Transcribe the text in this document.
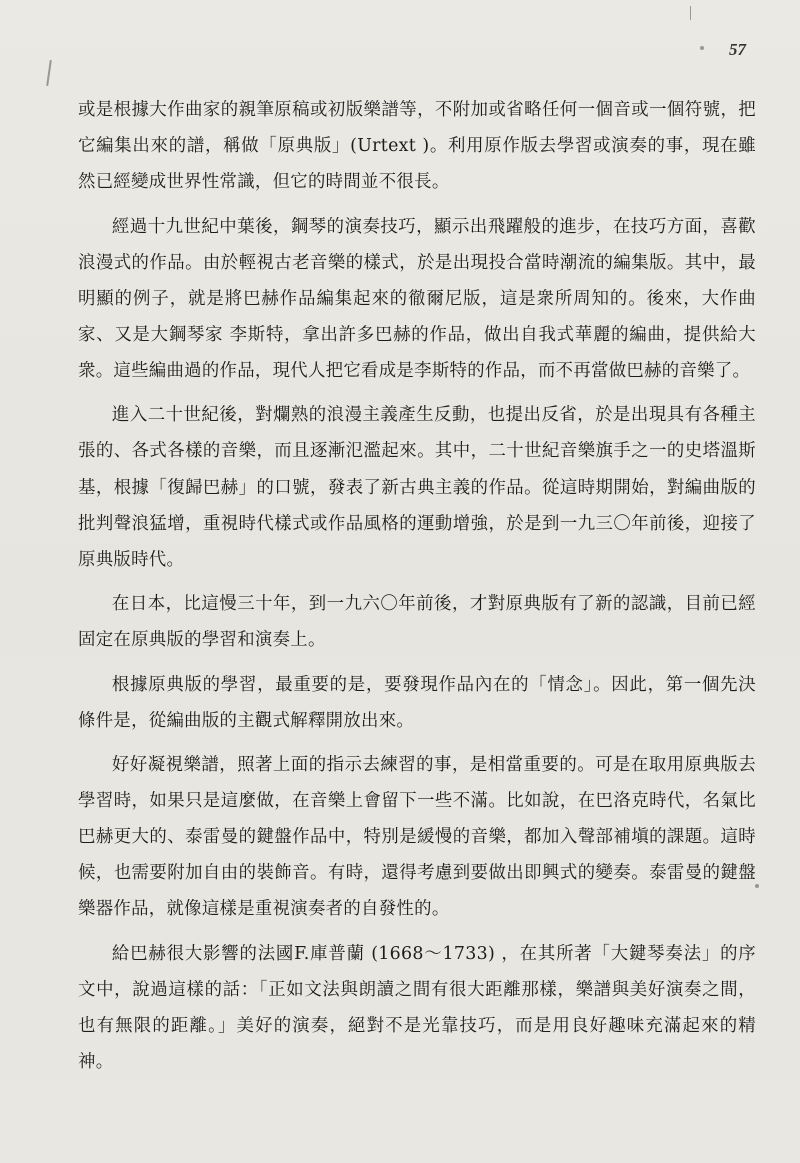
57

或是根據大作曲家的親筆原稿或初版樂譜等，不附加或省略任何一個音或一個符號，把它編集出來的譜，稱做「原典版」(Urtext )。利用原作版去學習或演奏的事，現在雖然已經變成世界性常識，但它的時間並不很長。

經過十九世紀中葉後，鋼琴的演奏技巧，顯示出飛躍般的進步，在技巧方面，喜歡浪漫式的作品。由於輕視古老音樂的樣式，於是出現投合當時潮流的編集版。其中，最明顯的例子，就是將巴赫作品編集起來的徹爾尼版，這是衆所周知的。後來，大作曲家、又是大鋼琴家 李斯特，拿出許多巴赫的作品，做出自我式華麗的編曲，提供給大衆。這些編曲過的作品，現代人把它看成是李斯特的作品，而不再當做巴赫的音樂了。

進入二十世紀後，對爛熟的浪漫主義產生反動，也提出反省，於是出現具有各種主張的、各式各樣的音樂，而且逐漸氾濫起來。其中，二十世紀音樂旗手之一的史塔溫斯基，根據「復歸巴赫」的口號，發表了新古典主義的作品。從這時期開始，對編曲版的批判聲浪猛增，重視時代樣式或作品風格的運動增強，於是到一九三〇年前後，迎接了原典版時代。

在日本，比這慢三十年，到一九六〇年前後，才對原典版有了新的認識，目前已經固定在原典版的學習和演奏上。

根據原典版的學習，最重要的是，要發現作品內在的「情念」。因此，第一個先決條件是，從編曲版的主觀式解釋開放出來。

好好凝視樂譜，照著上面的指示去練習的事，是相當重要的。可是在取用原典版去學習時，如果只是這麼做，在音樂上會留下一些不滿。比如說，在巴洛克時代，名氣比巴赫更大的、泰雷曼的鍵盤作品中，特別是緩慢的音樂，都加入聲部補塡的課題。這時候，也需要附加自由的裝飾音。有時，還得考慮到要做出即興式的變奏。泰雷曼的鍵盤樂器作品，就像這樣是重視演奏者的自發性的。

給巴赫很大影響的法國F.庫普蘭 (1668～1733) ，在其所著「大鍵琴奏法」的序文中，說過這樣的話：「正如文法與朗讀之間有很大距離那樣，樂譜與美好演奏之間，也有無限的距離。」美好的演奏，絕對不是光靠技巧，而是用良好趣味充滿起來的精神。
